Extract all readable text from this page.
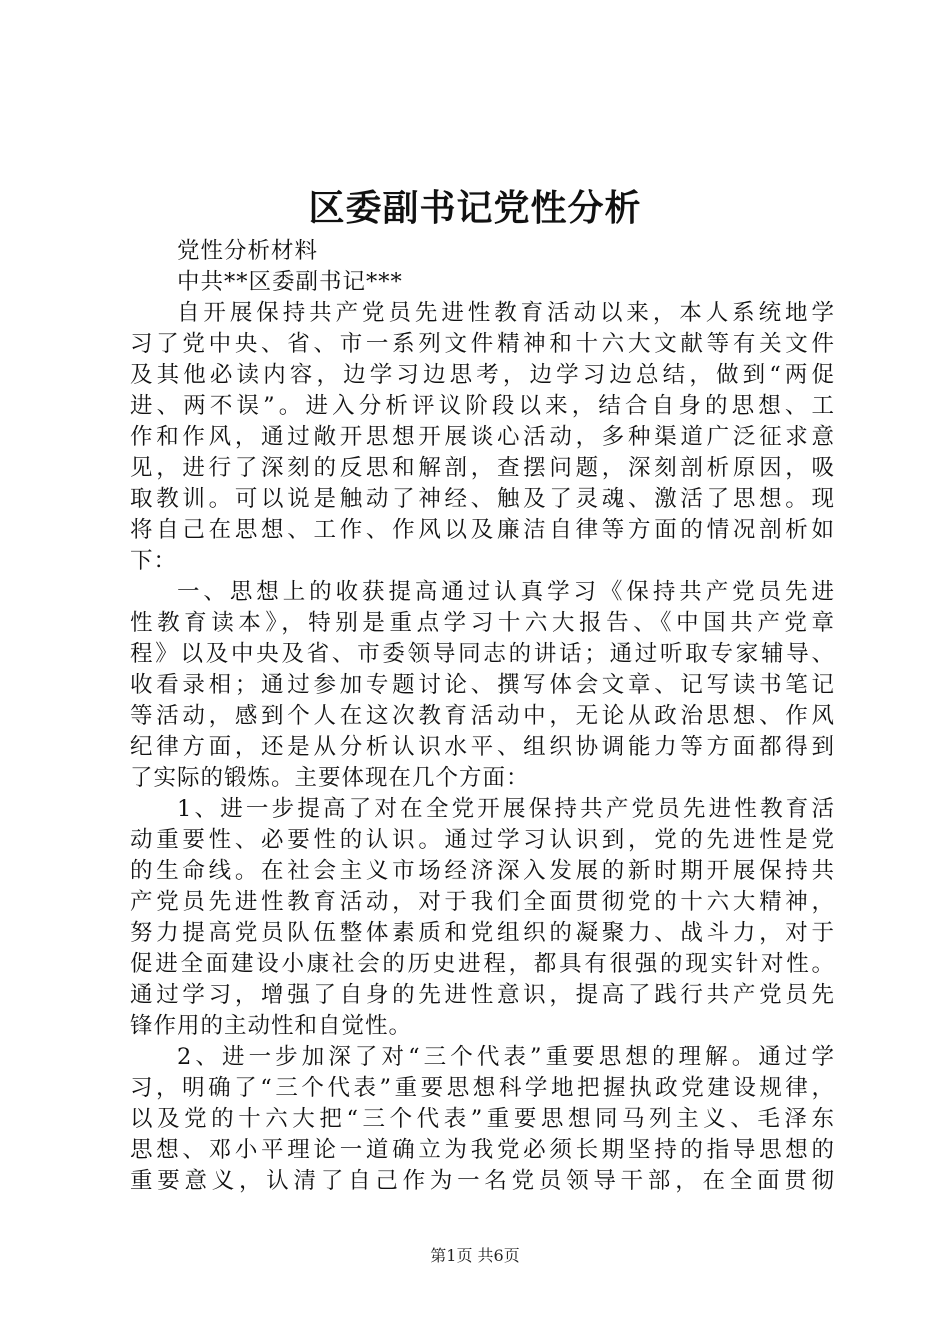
区委副书记党性分析
党性分析材料
中共**区委副书记***
自开展保持共产党员先进性教育活动以来，本人系统地学
习了党中央、省、市一系列文件精神和十六大文献等有关文件
及其他必读内容，边学习边思考，边学习边总结，做到“两促
进、两不误”。进入分析评议阶段以来，结合自身的思想、工
作和作风，通过敞开思想开展谈心活动，多种渠道广泛征求意
见，进行了深刻的反思和解剖，查摆问题，深刻剖析原因，吸
取教训。可以说是触动了神经、触及了灵魂、激活了思想。现
将自己在思想、工作、作风以及廉洁自律等方面的情况剖析如
下：
一、思想上的收获提高通过认真学习《保持共产党员先进
性教育读本》，特别是重点学习十六大报告、《中国共产党章
程》以及中央及省、市委领导同志的讲话；通过听取专家辅导、
收看录相；通过参加专题讨论、撰写体会文章、记写读书笔记
等活动，感到个人在这次教育活动中，无论从政治思想、作风
纪律方面，还是从分析认识水平、组织协调能力等方面都得到
了实际的锻炼。主要体现在几个方面：
1、进一步提高了对在全党开展保持共产党员先进性教育活
动重要性、必要性的认识。通过学习认识到，党的先进性是党
的生命线。在社会主义市场经济深入发展的新时期开展保持共
产党员先进性教育活动，对于我们全面贯彻党的十六大精神，
努力提高党员队伍整体素质和党组织的凝聚力、战斗力，对于
促进全面建设小康社会的历史进程，都具有很强的现实针对性。
通过学习，增强了自身的先进性意识，提高了践行共产党员先
锋作用的主动性和自觉性。
2、进一步加深了对“三个代表”重要思想的理解。通过学
习，明确了“三个代表”重要思想科学地把握执政党建设规律，
以及党的十六大把“三个代表”重要思想同马列主义、毛泽东
思想、邓小平理论一道确立为我党必须长期坚持的指导思想的
重要意义，认清了自己作为一名党员领导干部，在全面贯彻
第1页 共6页
